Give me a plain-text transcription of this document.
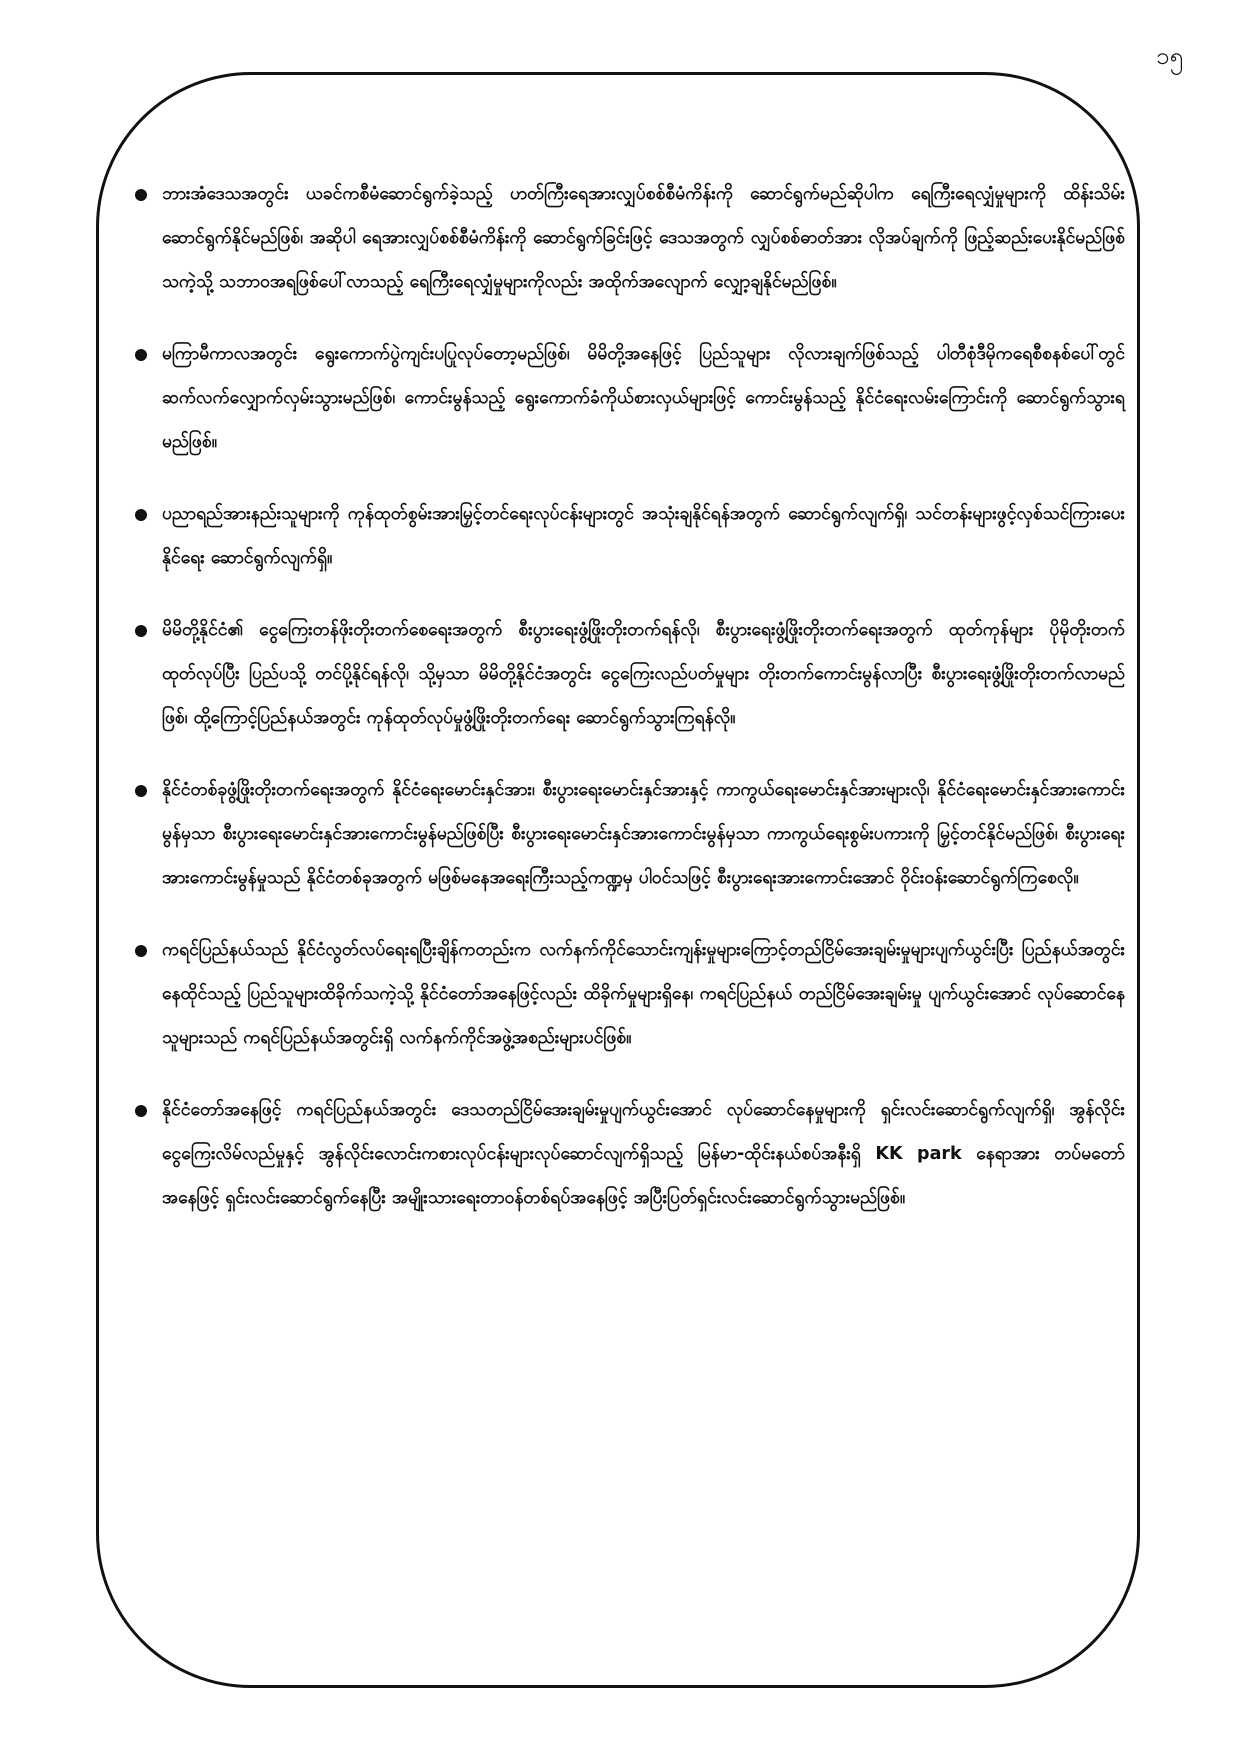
၁၅
ဘားအံဒေသအတွင်း ယခင်ကစီမံဆောင်ရွက်ခဲ့သည့် ဟတ်ကြီးရေအားလျှပ်စစ်စီမံကိန်းကို ဆောင်ရွက်မည်ဆိုပါက ရေကြီးရေလျှံမှုများကို ထိန်းသိမ်းဆောင်ရွက်နိုင်မည်ဖြစ်၊ အဆိုပါ ရေအားလျှပ်စစ်စီမံကိန်းကို ဆောင်ရွက်ခြင်းဖြင့် ဒေသအတွက် လျှပ်စစ်ဓာတ်အား လိုအပ်ချက်ကို ဖြည့်ဆည်းပေးနိုင်မည်ဖြစ်သကဲ့သို့ သဘာဝအရဖြစ်ပေါ်လာသည့် ရေကြီးရေလျှံမှုများကိုလည်း အထိုက်အလျောက် လျှော့ချနိုင်မည်ဖြစ်။
မကြာမီကာလအတွင်း ရွေးကောက်ပွဲကျင်းပပြုလုပ်တော့မည်ဖြစ်၊ မိမိတို့အနေဖြင့် ပြည်သူများ လိုလားချက်ဖြစ်သည့် ပါတီစုံဒီမိုကရေစီစနစ်ပေါ်တွင် ဆက်လက်လျှောက်လှမ်းသွားမည်ဖြစ်၊ ကောင်းမွန်သည့် ရွေးကောက်ခံကိုယ်စားလှယ်များဖြင့် ကောင်းမွန်သည့် နိုင်ငံရေးလမ်းကြောင်းကို ဆောင်ရွက်သွားရမည်ဖြစ်။
ပညာရည်အားနည်းသူများကို ကုန်ထုတ်စွမ်းအားမြှင့်တင်ရေးလုပ်ငန်းများတွင် အသုံးချနိုင်ရန်အတွက် ဆောင်ရွက်လျက်ရှိ၊ သင်တန်းများဖွင့်လှစ်သင်ကြားပေးနိုင်ရေး ဆောင်ရွက်လျက်ရှိ။
မိမိတို့နိုင်ငံ၏ ငွေကြေးတန်ဖိုးတိုးတက်စေရေးအတွက် စီးပွားရေးဖွံ့ဖြိုးတိုးတက်ရန်လို၊ စီးပွားရေးဖွံ့ဖြိုးတိုးတက်ရေးအတွက် ထုတ်ကုန်များ ပိုမိုတိုးတက်ထုတ်လုပ်ပြီး ပြည်ပသို့ တင်ပို့နိုင်ရန်လို၊ သို့မှသာ မိမိတို့နိုင်ငံအတွင်း ငွေကြေးလည်ပတ်မှုများ တိုးတက်ကောင်းမွန်လာပြီး စီးပွားရေးဖွံ့ဖြိုးတိုးတက်လာမည်ဖြစ်၊ ထို့ကြောင့်ပြည်နယ်အတွင်း ကုန်ထုတ်လုပ်မှုဖွံ့ဖြိုးတိုးတက်ရေး ဆောင်ရွက်သွားကြရန်လို။
နိုင်ငံတစ်ခုဖွံ့ဖြိုးတိုးတက်ရေးအတွက် နိုင်ငံရေးမောင်းနှင်အား၊ စီးပွားရေးမောင်းနှင်အားနှင့် ကာကွယ်ရေးမောင်းနှင်အားများလို၊ နိုင်ငံရေးမောင်းနှင်အားကောင်းမွန်မှသာ စီးပွားရေးမောင်းနှင်အားကောင်းမွန်မည်ဖြစ်ပြီး စီးပွားရေးမောင်းနှင်အားကောင်းမွန်မှသာ ကာကွယ်ရေးစွမ်းပကားကို မြှင့်တင်နိုင်မည်ဖြစ်၊ စီးပွားရေးအားကောင်းမွန်မှုသည် နိုင်ငံတစ်ခုအတွက် မဖြစ်မနေအရေးကြီးသည့်ကဏ္ဍမှ ပါဝင်သဖြင့် စီးပွားရေးအားကောင်းအောင် ဝိုင်းဝန်းဆောင်ရွက်ကြစေလို။
ကရင်ပြည်နယ်သည် နိုင်ငံလွတ်လပ်ရေးရပြီးချိန်ကတည်းက လက်နက်ကိုင်သောင်းကျန်းမှုများကြောင့်တည်ငြိမ်အေးချမ်းမှုများပျက်ယွင်းပြီး ပြည်နယ်အတွင်းနေထိုင်သည့် ပြည်သူများထိခိုက်သကဲ့သို့ နိုင်ငံတော်အနေဖြင့်လည်း ထိခိုက်မှုများရှိနေ၊ ကရင်ပြည်နယ် တည်ငြိမ်အေးချမ်းမှု ပျက်ယွင်းအောင် လုပ်ဆောင်နေသူများသည် ကရင်ပြည်နယ်အတွင်းရှိ လက်နက်ကိုင်အဖွဲ့အစည်းများပင်ဖြစ်။
နိုင်ငံတော်အနေဖြင့် ကရင်ပြည်နယ်အတွင်း ဒေသတည်ငြိမ်အေးချမ်းမှုပျက်ယွင်းအောင် လုပ်ဆောင်နေမှုများကို ရှင်းလင်းဆောင်ရွက်လျက်ရှိ၊ အွန်လိုင်းငွေကြေးလိမ်လည်မှုနှင့် အွန်လိုင်းလောင်းကစားလုပ်ငန်းများလုပ်ဆောင်လျက်ရှိသည့် မြန်မာ-ထိုင်းနယ်စပ်အနီးရှိ KK park နေရာအား တပ်မတော်အနေဖြင့် ရှင်းလင်းဆောင်ရွက်နေပြီး အမျိုးသားရေးတာဝန်တစ်ရပ်အနေဖြင့် အပြီးပြတ်ရှင်းလင်းဆောင်ရွက်သွားမည်ဖြစ်။
